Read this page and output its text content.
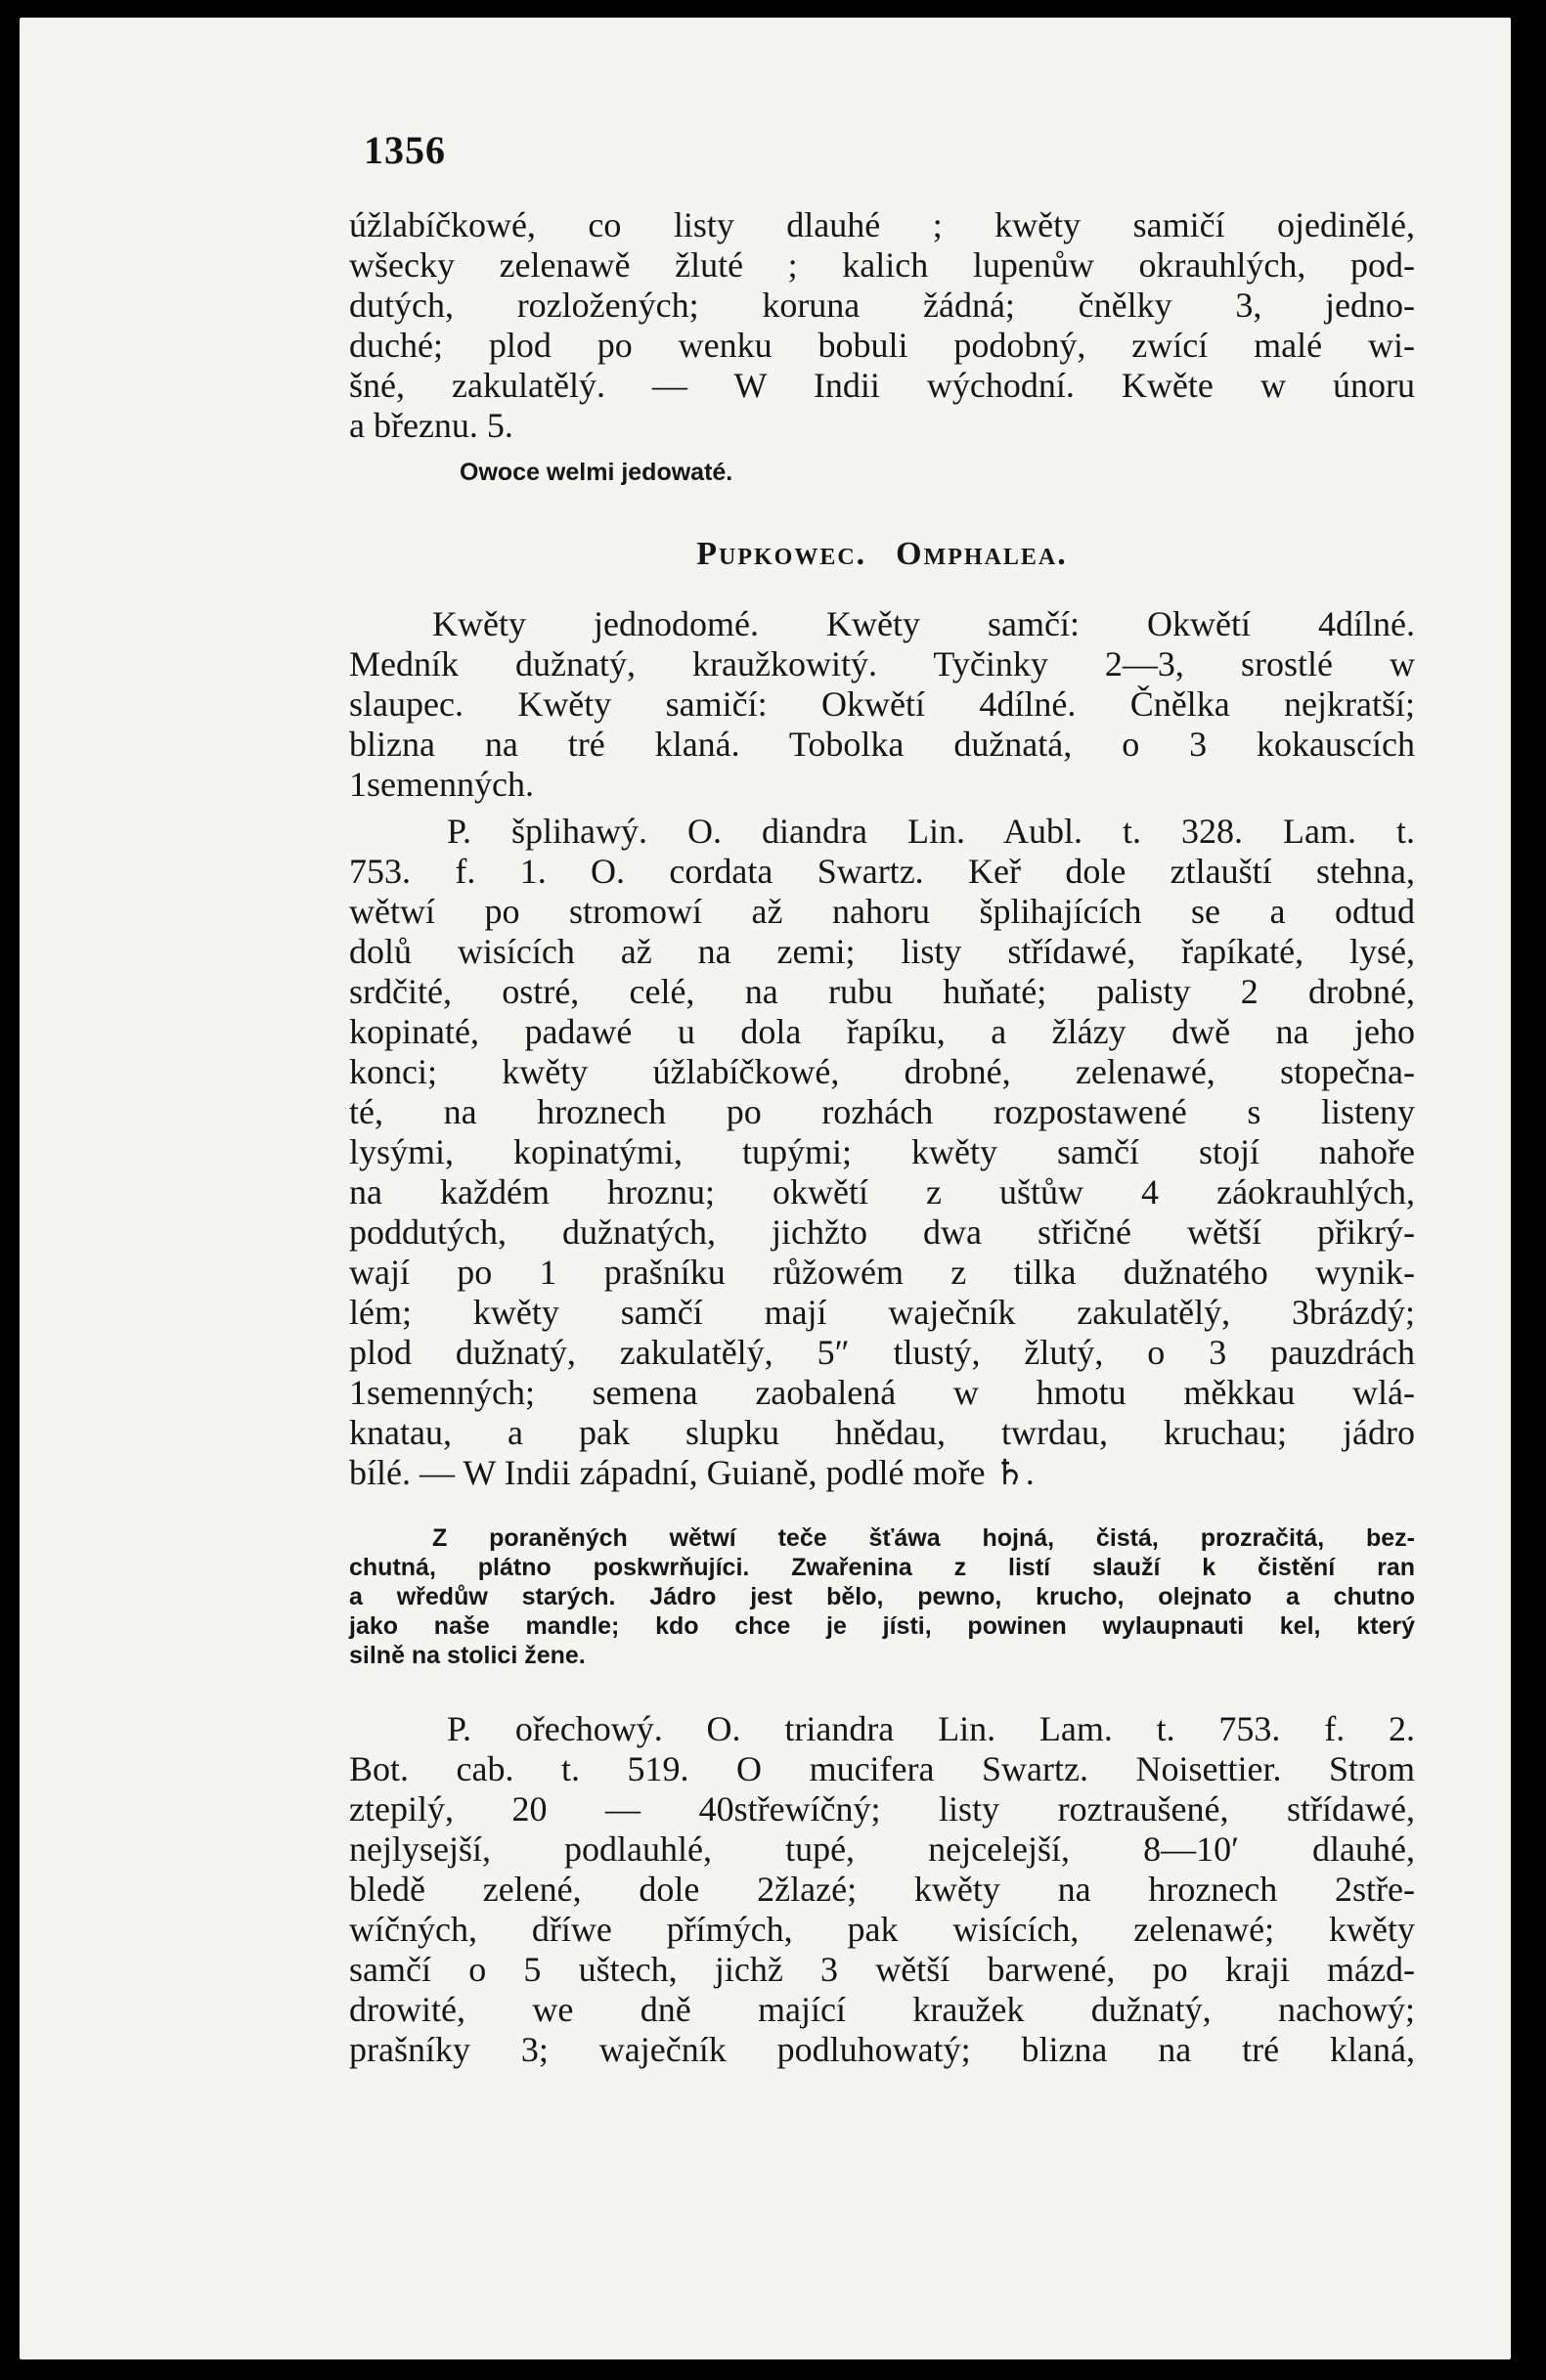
1356
úžlabíčkowé, co listy dlauhé ; kwěty samičí ojedinělé,
wšecky zelenawě žluté ; kalich lupenůw okrauhlých, pod-
dutých, rozložených; koruna žádná; čnělky 3, jedno-
duché; plod po wenku bobuli podobný, zwící malé wi-
šné, zakulatělý. — W Indii wýchodní. Kwěte w únoru
a březnu. 5.
Owoce welmi jedowaté.
Pupkowec. Omphalea.
Kwěty jednodomé. Kwěty samčí: Okwětí 4dílné.
Medník dužnatý, kraužkowitý. Tyčinky 2—3, srostlé w
slaupec. Kwěty samičí: Okwětí 4dílné. Čnělka nejkratší;
blizna na tré klaná. Tobolka dužnatá, o 3 kokauscích
1semenných.
P. šplihawý. O. diandra Lin. Aubl. t. 328. Lam. t.
753. f. 1. O. cordata Swartz. Keř dole ztlauští stehna,
wětwí po stromowí až nahoru šplihajících se a odtud
dolů wisících až na zemi; listy střídawé, řapíkaté, lysé,
srdčité, ostré, celé, na rubu huňaté; palisty 2 drobné,
kopinaté, padawé u dola řapíku, a žlázy dwě na jeho
konci; kwěty úžlabíčkowé, drobné, zelenawé, stopečna-
té, na hroznech po rozhách rozpostawené s listeny
lysými, kopinatými, tupými; kwěty samčí stojí nahoře
na každém hroznu; okwětí z uštůw 4 záokrauhlých,
poddutých, dužnatých, jichžto dwa střičné wětší přikrý-
wají po 1 prašníku růžowém z tilka dužnatého wynik-
lém; kwěty samčí mají waječník zakulatělý, 3brázdý;
plod dužnatý, zakulatělý, 5″ tlustý, žlutý, o 3 pauzdrách
1semenných; semena zaobalená w hmotu měkkau wlá-
knatau, a pak slupku hnědau, twrdau, kruchau; jádro
bílé. — W Indii západní, Guianě, podlé moře ♄.
Z poraněných wětwí teče šťáwa hojná, čistá, prozračitá, bez-
chutná, plátno poskwrňujíci. Zwařenina z listí slauží k čistění ran
a wředůw starých. Jádro jest bělo, pewno, kruchо, olejnato a chutno
jako naše mandle; kdo chce je jísti, powinen wylaupnauti kel, který
silně na stolici žene.
P. ořechowý. O. triandra Lin. Lam. t. 753. f. 2.
Bot. cab. t. 519. O mucifera Swartz. Noisettier. Strom
ztepilý, 20 — 40střewíčný; listy roztraušené, střídawé,
nejlysejší, podlauhlé, tupé, nejcelejší, 8—10′ dlauhé,
bledě zelené, dole 2žlazé; kwěty na hroznech 2stře-
wíčných, dříwe přímých, pak wisících, zelenawé; kwěty
samčí o 5 uštech, jichž 3 wětší barwené, po kraji mázd-
drowité, we dně mající kraužek dužnatý, nachowý;
prašníky 3; waječník podluhowatý; blizna na tré klaná,
